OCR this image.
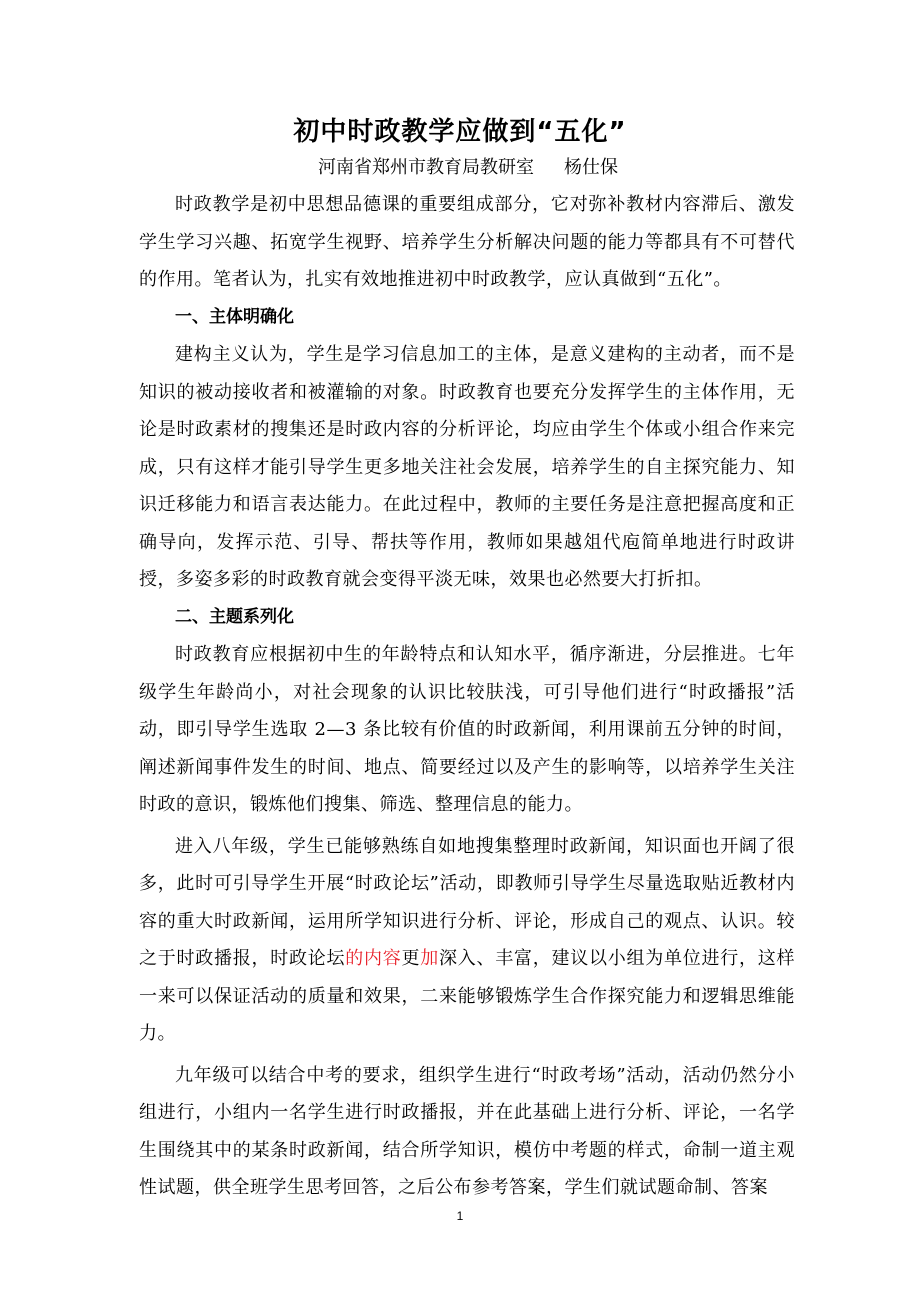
初中时政教学应做到“五化”

河南省郑州市教育局教研室 杨仕保

时政教学是初中思想品德课的重要组成部分，它对弥补教材内容滞后、激发学生学习兴趣、拓宽学生视野、培养学生分析解决问题的能力等都具有不可替代的作用。笔者认为，扎实有效地推进初中时政教学，应认真做到“五化”。

一、主体明确化

建构主义认为，学生是学习信息加工的主体，是意义建构的主动者，而不是知识的被动接收者和被灌输的对象。时政教育也要充分发挥学生的主体作用，无论是时政素材的搜集还是时政内容的分析评论，均应由学生个体或小组合作来完成，只有这样才能引导学生更多地关注社会发展，培养学生的自主探究能力、知识迁移能力和语言表达能力。在此过程中，教师的主要任务是注意把握高度和正确导向，发挥示范、引导、帮扶等作用，教师如果越俎代庖简单地进行时政讲授，多姿多彩的时政教育就会变得平淡无味，效果也必然要大打折扣。

二、主题系列化

时政教育应根据初中生的年龄特点和认知水平，循序渐进，分层推进。七年级学生年龄尚小，对社会现象的认识比较肤浅，可引导他们进行“时政播报”活动，即引导学生选取 2—3 条比较有价值的时政新闻，利用课前五分钟的时间，阐述新闻事件发生的时间、地点、简要经过以及产生的影响等，以培养学生关注时政的意识，锻炼他们搜集、筛选、整理信息的能力。

进入八年级，学生已能够熟练自如地搜集整理时政新闻，知识面也开阔了很多，此时可引导学生开展“时政论坛”活动，即教师引导学生尽量选取贴近教材内容的重大时政新闻，运用所学知识进行分析、评论，形成自己的观点、认识。较之于时政播报，时政论坛的内容更加深入、丰富，建议以小组为单位进行，这样一来可以保证活动的质量和效果，二来能够锻炼学生合作探究能力和逻辑思维能力。

九年级可以结合中考的要求，组织学生进行“时政考场”活动，活动仍然分小组进行，小组内一名学生进行时政播报，并在此基础上进行分析、评论，一名学生围绕其中的某条时政新闻，结合所学知识，模仿中考题的样式，命制一道主观性试题，供全班学生思考回答，之后公布参考答案，学生们就试题命制、答案

1
